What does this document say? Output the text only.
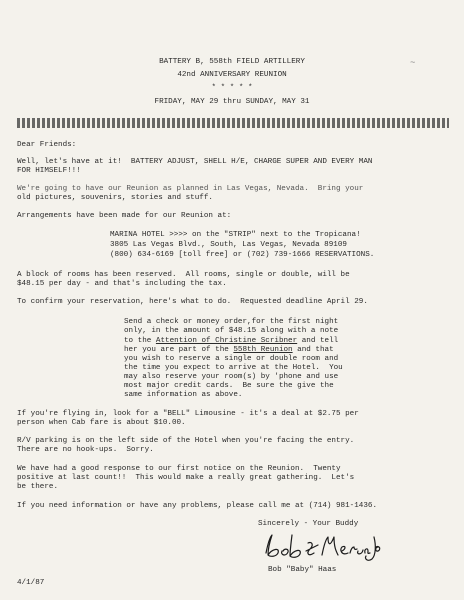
~
BATTERY B, 558th FIELD ARTILLERY
42nd ANNIVERSARY REUNION
* * * * *
FRIDAY, MAY 29 thru SUNDAY, MAY 31
Dear Friends:
Well, let's have at it!  BATTERY ADJUST, SHELL H/E, CHARGE SUPER AND EVERY MAN
FOR HIMSELF!!!
We're going to have our Reunion as planned in Las Vegas, Nevada.  Bring your
old pictures, souvenirs, stories and stuff.
Arrangements have been made for our Reunion at:
MARINA HOTEL >>>> on the "STRIP" next to the Tropicana!
3805 Las Vegas Blvd., South, Las Vegas, Nevada 89109
(800) 634-6169 [toll free] or (702) 739-1666 RESERVATIONS.
A block of rooms has been reserved.  All rooms, single or double, will be
$48.15 per day - and that's including the tax.
To confirm your reservation, here's what to do.  Requested deadline April 29.
Send a check or money order,for the first night
only, in the amount of $48.15 along with a note
to the Attention of Christine Scribner and tell
her you are part of the 558th Reunion and that
you wish to reserve a single or double room and
the time you expect to arrive at the Hotel.  You
may also reserve your room(s) by 'phone and use
most major credit cards.  Be sure the give the
same information as above.
If you're flying in, look for a "BELL" Limousine - it's a deal at $2.75 per
person when Cab fare is about $10.00.
R/V parking is on the left side of the Hotel when you're facing the entry.
There are no hook-ups.  Sorry.
We have had a good response to our first notice on the Reunion.  Twenty
positive at last count!!  This would make a really great gathering.  Let's
be there.
If you need information or have any problems, please call me at (714) 981-1436.
Sincerely - Your Buddy
Bob "Baby" Haas
4/1/87
